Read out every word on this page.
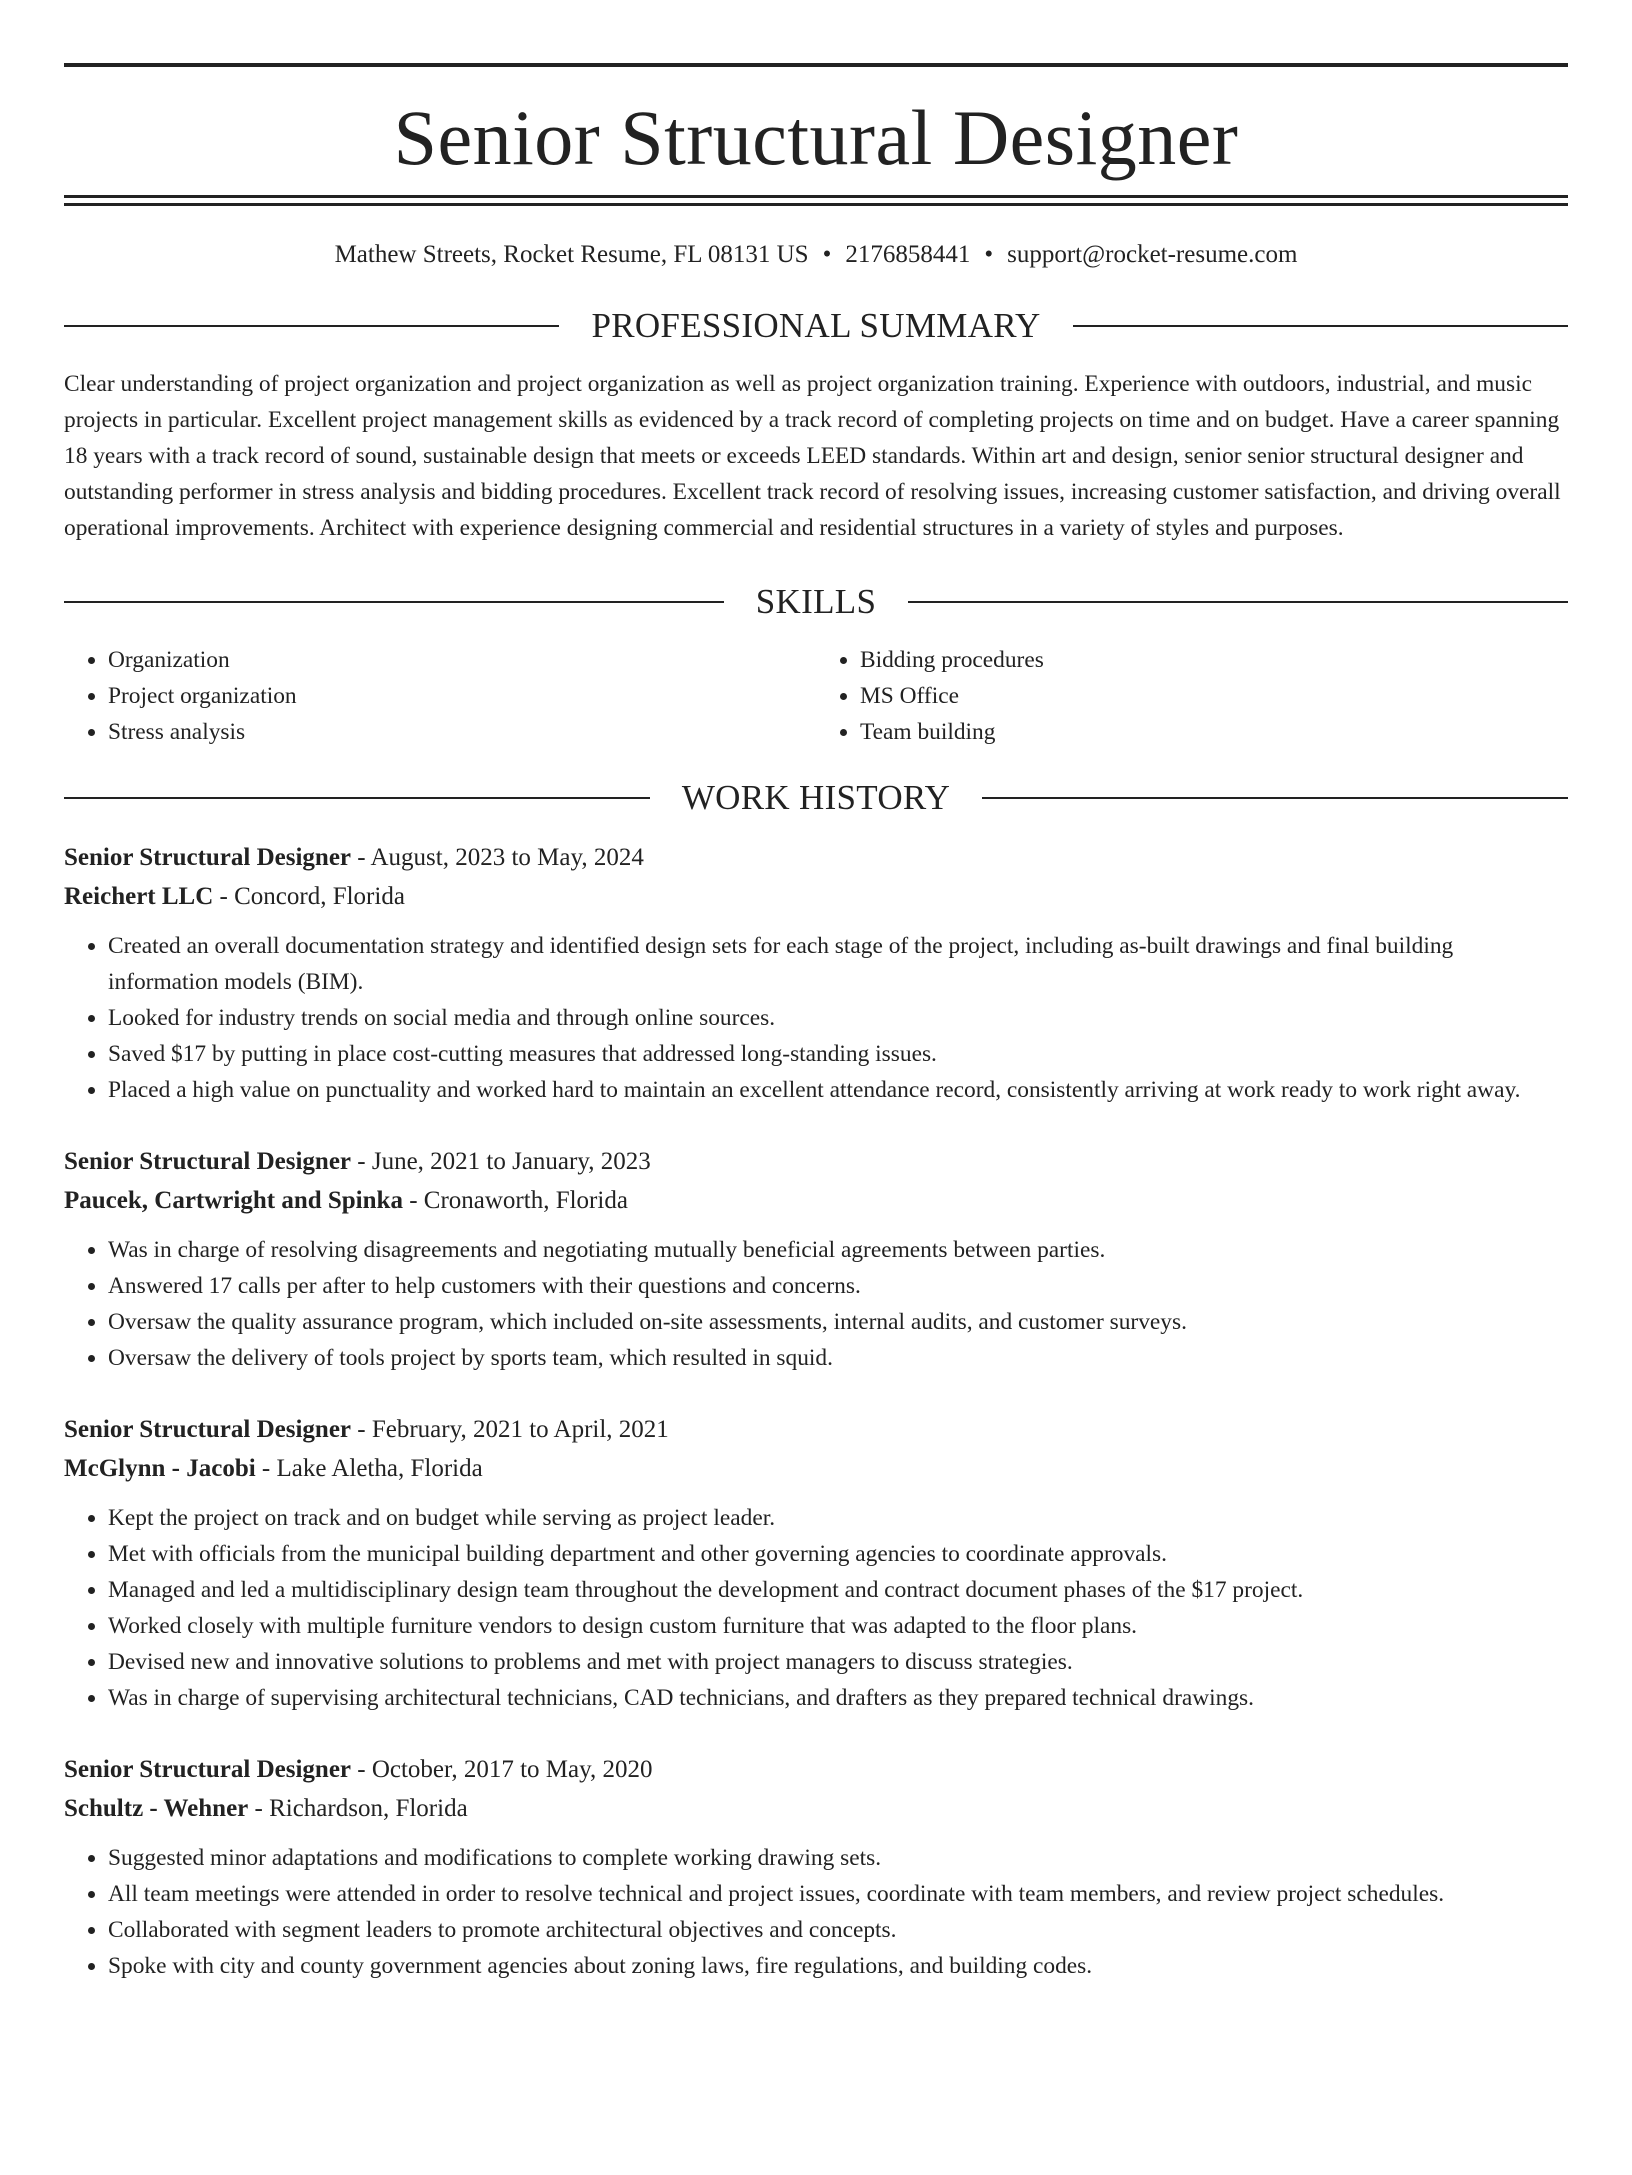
Senior Structural Designer
Mathew Streets, Rocket Resume, FL 08131 US • 2176858441 • support@rocket-resume.com
PROFESSIONAL SUMMARY
Clear understanding of project organization and project organization as well as project organization training. Experience with outdoors, industrial, and music projects in particular. Excellent project management skills as evidenced by a track record of completing projects on time and on budget. Have a career spanning 18 years with a track record of sound, sustainable design that meets or exceeds LEED standards. Within art and design, senior senior structural designer and outstanding performer in stress analysis and bidding procedures. Excellent track record of resolving issues, increasing customer satisfaction, and driving overall operational improvements. Architect with experience designing commercial and residential structures in a variety of styles and purposes.
SKILLS
• Organization
• Project organization
• Stress analysis
• Bidding procedures
• MS Office
• Team building
WORK HISTORY
Senior Structural Designer - August, 2023 to May, 2024
Reichert LLC - Concord, Florida
• Created an overall documentation strategy and identified design sets for each stage of the project, including as-built drawings and final building information models (BIM).
• Looked for industry trends on social media and through online sources.
• Saved $17 by putting in place cost-cutting measures that addressed long-standing issues.
• Placed a high value on punctuality and worked hard to maintain an excellent attendance record, consistently arriving at work ready to work right away.
Senior Structural Designer - June, 2021 to January, 2023
Paucek, Cartwright and Spinka - Cronaworth, Florida
• Was in charge of resolving disagreements and negotiating mutually beneficial agreements between parties.
• Answered 17 calls per after to help customers with their questions and concerns.
• Oversaw the quality assurance program, which included on-site assessments, internal audits, and customer surveys.
• Oversaw the delivery of tools project by sports team, which resulted in squid.
Senior Structural Designer - February, 2021 to April, 2021
McGlynn - Jacobi - Lake Aletha, Florida
• Kept the project on track and on budget while serving as project leader.
• Met with officials from the municipal building department and other governing agencies to coordinate approvals.
• Managed and led a multidisciplinary design team throughout the development and contract document phases of the $17 project.
• Worked closely with multiple furniture vendors to design custom furniture that was adapted to the floor plans.
• Devised new and innovative solutions to problems and met with project managers to discuss strategies.
• Was in charge of supervising architectural technicians, CAD technicians, and drafters as they prepared technical drawings.
Senior Structural Designer - October, 2017 to May, 2020
Schultz - Wehner - Richardson, Florida
• Suggested minor adaptations and modifications to complete working drawing sets.
• All team meetings were attended in order to resolve technical and project issues, coordinate with team members, and review project schedules.
• Collaborated with segment leaders to promote architectural objectives and concepts.
• Spoke with city and county government agencies about zoning laws, fire regulations, and building codes.
